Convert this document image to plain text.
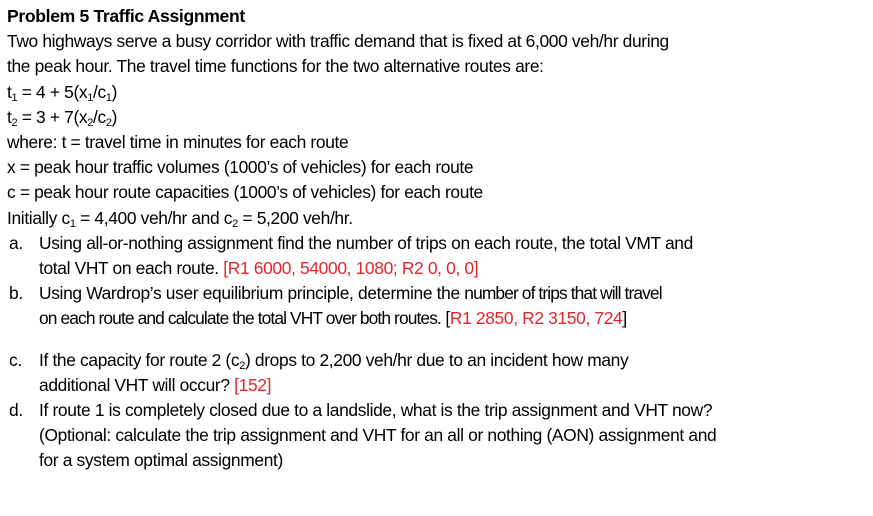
Problem 5 Traffic Assignment
Two highways serve a busy corridor with traffic demand that is fixed at 6,000 veh/hr during
the peak hour. The travel time functions for the two alternative routes are:
$t_1 = 4 + 5(x_1/c_1)$
$t_2 = 3 + 7(x_2/c_2)$
where: t = travel time in minutes for each route
x = peak hour traffic volumes (1000’s of vehicles) for each route
c = peak hour route capacities (1000’s of vehicles) for each route
Initially $c_1 = 4,400$ veh/hr and $c_2 = 5,200$ veh/hr.
a. Using all-or-nothing assignment find the number of trips on each route, the total VMT and
total VHT on each route. [R1 6000, 54000, 1080; R2 0, 0, 0]
b. Using Wardrop’s user equilibrium principle, determine the number of trips that will travel
on each route and calculate the total VHT over both routes. [R1 2850, R2 3150, 724]
c. If the capacity for route 2 $(c_2)$ drops to 2,200 veh/hr due to an incident how many
additional VHT will occur? [152]
d. If route 1 is completely closed due to a landslide, what is the trip assignment and VHT now?
(Optional: calculate the trip assignment and VHT for an all or nothing (AON) assignment and
for a system optimal assignment)
